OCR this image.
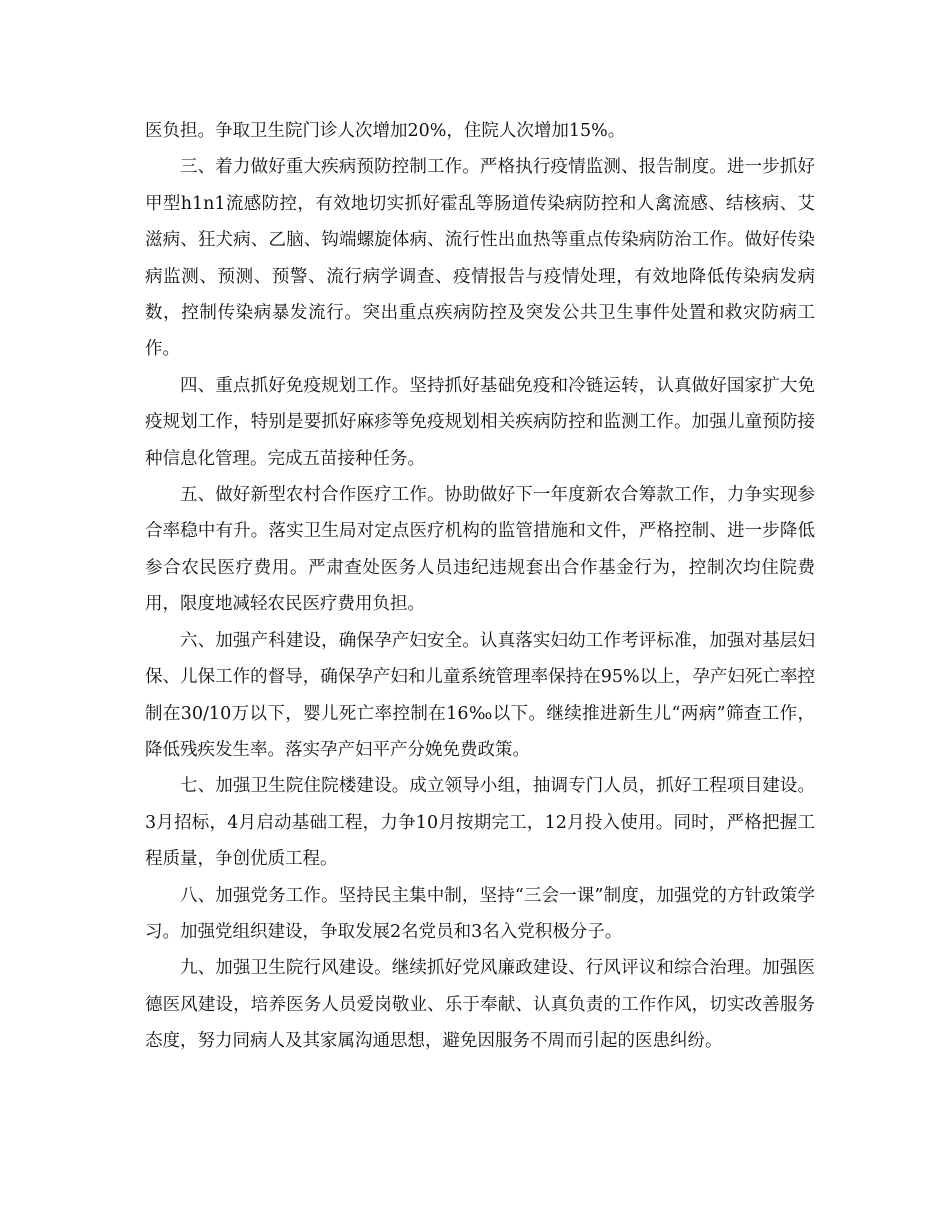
医负担。争取卫生院门诊人次增加20%，住院人次增加15%。

三、着力做好重大疾病预防控制工作。严格执行疫情监测、报告制度。进一步抓好甲型h1n1流感防控，有效地切实抓好霍乱等肠道传染病防控和人禽流感、结核病、艾滋病、狂犬病、乙脑、钩端螺旋体病、流行性出血热等重点传染病防治工作。做好传染病监测、预测、预警、流行病学调查、疫情报告与疫情处理，有效地降低传染病发病数，控制传染病暴发流行。突出重点疾病防控及突发公共卫生事件处置和救灾防病工作。

四、重点抓好免疫规划工作。坚持抓好基础免疫和冷链运转，认真做好国家扩大免疫规划工作，特别是要抓好麻疹等免疫规划相关疾病防控和监测工作。加强儿童预防接种信息化管理。完成五苗接种任务。

五、做好新型农村合作医疗工作。协助做好下一年度新农合筹款工作，力争实现参合率稳中有升。落实卫生局对定点医疗机构的监管措施和文件，严格控制、进一步降低参合农民医疗费用。严肃查处医务人员违纪违规套出合作基金行为，控制次均住院费用，限度地减轻农民医疗费用负担。

六、加强产科建设，确保孕产妇安全。认真落实妇幼工作考评标准，加强对基层妇保、儿保工作的督导，确保孕产妇和儿童系统管理率保持在95%以上，孕产妇死亡率控制在30/10万以下，婴儿死亡率控制在16‰以下。继续推进新生儿“两病”筛查工作，降低残疾发生率。落实孕产妇平产分娩免费政策。

七、加强卫生院住院楼建设。成立领导小组，抽调专门人员，抓好工程项目建设。3月招标，4月启动基础工程，力争10月按期完工，12月投入使用。同时，严格把握工程质量，争创优质工程。

八、加强党务工作。坚持民主集中制，坚持“三会一课”制度，加强党的方针政策学习。加强党组织建设，争取发展2名党员和3名入党积极分子。

九、加强卫生院行风建设。继续抓好党风廉政建设、行风评议和综合治理。加强医德医风建设，培养医务人员爱岗敬业、乐于奉献、认真负责的工作作风，切实改善服务态度，努力同病人及其家属沟通思想，避免因服务不周而引起的医患纠纷。
